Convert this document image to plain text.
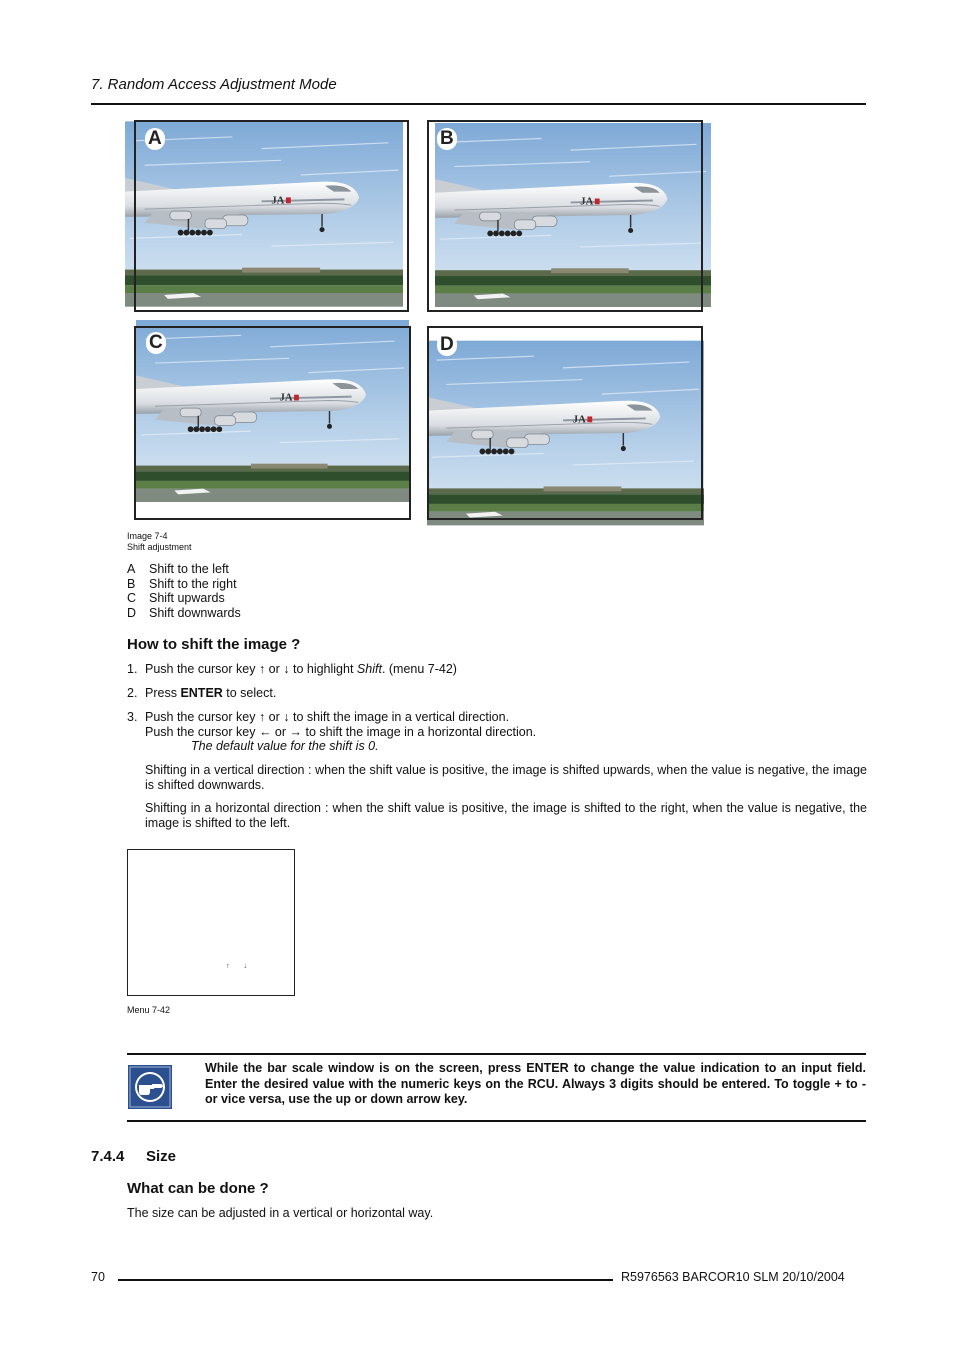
7. Random Access Adjustment Mode
A	B
C	D
Image 7-4
Shift adjustment
A	Shift to the left
B	Shift to the right
C	Shift upwards
D	Shift downwards
How to shift the image ?
1. Push the cursor key ↑ or ↓ to highlight Shift. (menu 7-42)
2. Press ENTER to select.
3. Push the cursor key ↑ or ↓ to shift the image in a vertical direction.
Push the cursor key ← or → to shift the image in a horizontal direction.
The default value for the shift is 0.
Shifting in a vertical direction : when the shift value is positive, the image is shifted upwards, when the value is negative, the image is shifted downwards.
Shifting in a horizontal direction : when the shift value is positive, the image is shifted to the right, when the value is negative, the image is shifted to the left.
↑↓
Menu 7-42
While the bar scale window is on the screen, press ENTER to change the value indication to an input field. Enter the desired value with the numeric keys on the RCU. Always 3 digits should be entered. To toggle + to - or vice versa, use the up or down arrow key.
7.4.4 Size
What can be done ?
The size can be adjusted in a vertical or horizontal way.
70	R5976563 BARCOR10 SLM 20/10/2004
